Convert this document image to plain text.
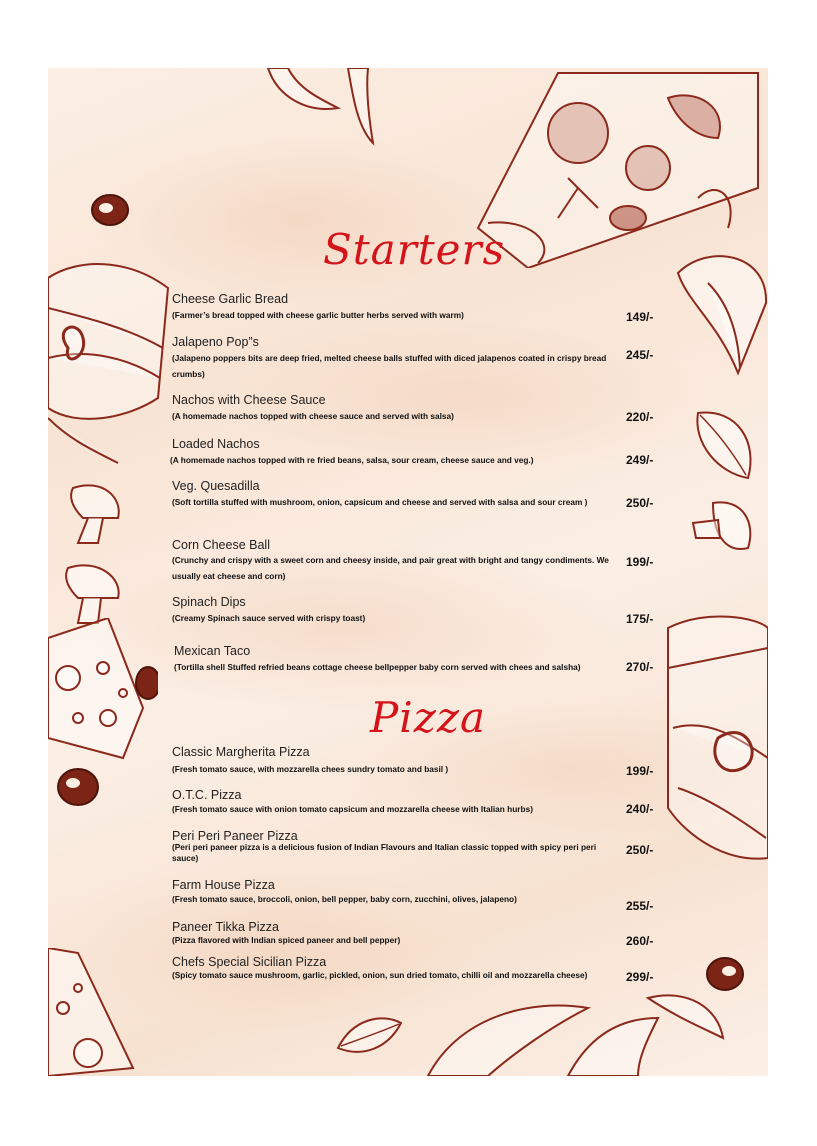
Starters
Cheese Garlic Bread
(Farmer’s bread topped with cheese garlic butter herbs served with warm)	149/-
Jalapeno Pop”s
(Jalapeno poppers bits are deep fried, melted cheese balls stuffed with diced jalapenos coated in crispy bread crumbs)
245/-
Nachos with Cheese Sauce
(A homemade nachos topped with cheese sauce and served with salsa)	220/-
Loaded Nachos
(A homemade nachos topped with re fried beans, salsa, sour cream, cheese sauce and veg.)	249/-
Veg. Quesadilla
(Soft tortilla stuffed with mushroom, onion, capsicum and cheese and served with salsa and sour cream )	250/-
Corn Cheese Ball
(Crunchy and crispy with a sweet corn and cheesy inside, and pair great with bright and tangy condiments. We usually eat cheese and corn)
199/-
Spinach Dips
(Creamy Spinach sauce served with crispy toast)	175/-
Mexican Taco
(Tortilla shell Stuffed refried beans cottage cheese bellpepper baby corn served with chees and salsha)	270/-
Pizza
Classic Margherita Pizza
(Fresh tomato sauce, with mozzarella chees sundry tomato and basil )	199/-
O.T.C. Pizza
(Fresh tomato sauce with onion tomato capsicum and mozzarella cheese with Italian hurbs)	240/-
Peri Peri Paneer Pizza
(Peri peri paneer pizza is a delicious fusion of Indian Flavours and Italian classic topped with spicy peri peri sauce)
250/-
Farm House Pizza
(Fresh tomato sauce, broccoli, onion, bell pepper, baby corn, zucchini, olives, jalapeno)	255/-
Paneer Tikka Pizza
(Pizza flavored with Indian spiced paneer and bell pepper)	260/-
Chefs Special Sicilian Pizza
(Spicy tomato sauce mushroom, garlic, pickled, onion, sun dried tomato, chilli oil and mozzarella cheese)	299/-
